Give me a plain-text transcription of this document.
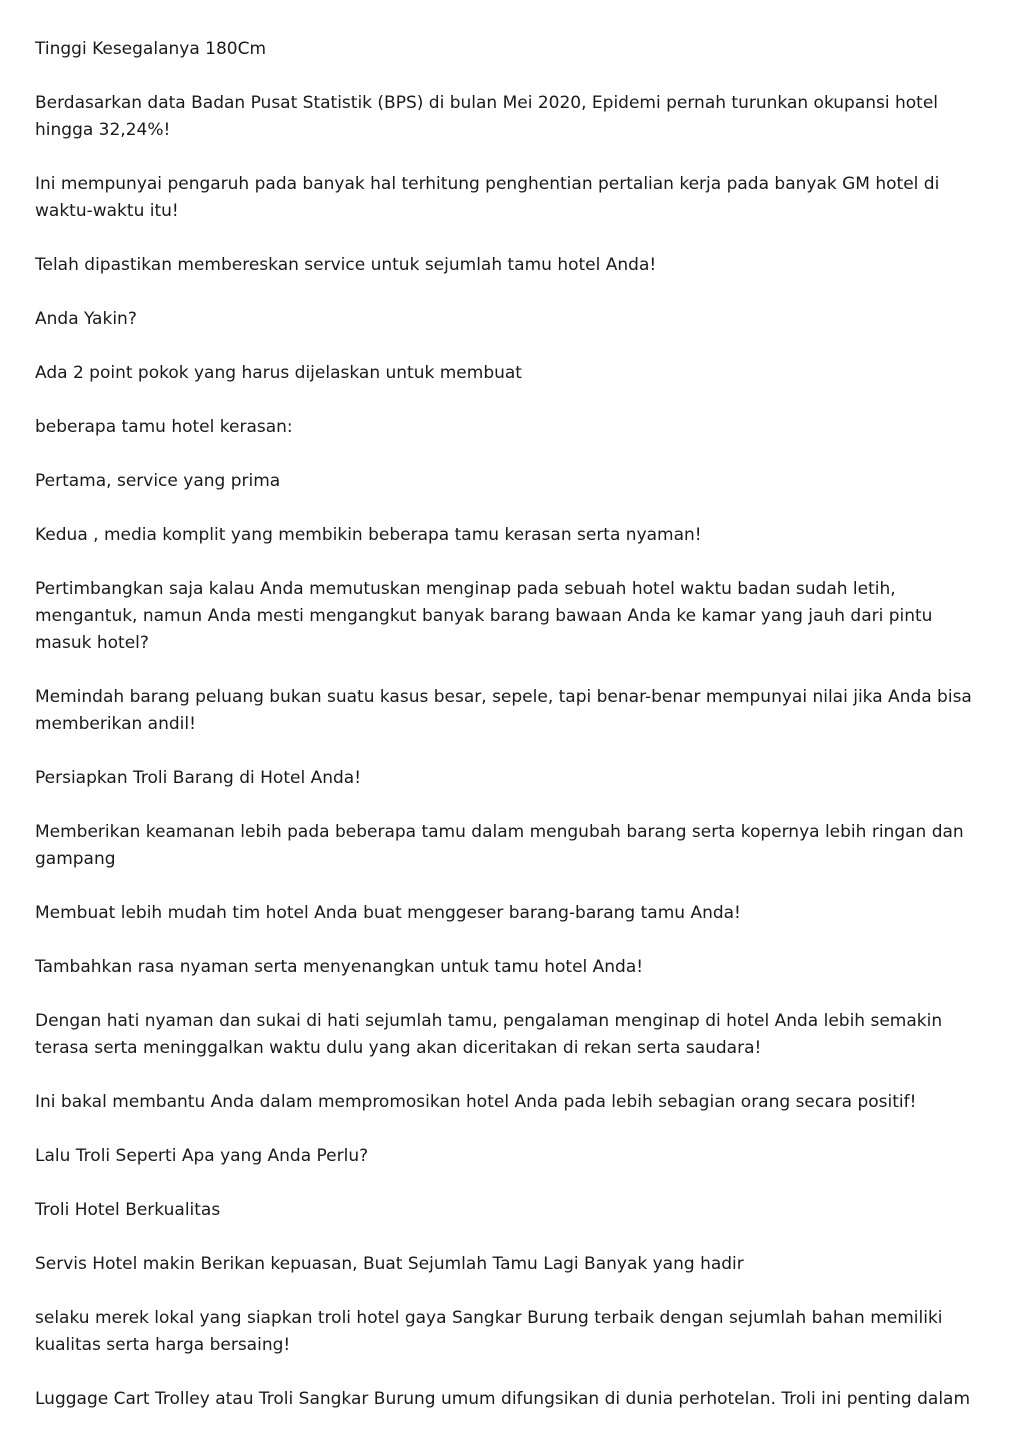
Tinggi Kesegalanya 180Cm

Berdasarkan data Badan Pusat Statistik (BPS) di bulan Mei 2020, Epidemi pernah turunkan okupansi hotel hingga 32,24%!

Ini mempunyai pengaruh pada banyak hal terhitung penghentian pertalian kerja pada banyak GM hotel di waktu-waktu itu!

Telah dipastikan membereskan service untuk sejumlah tamu hotel Anda!

Anda Yakin?

Ada 2 point pokok yang harus dijelaskan untuk membuat

beberapa tamu hotel kerasan:

Pertama, service yang prima

Kedua , media komplit yang membikin beberapa tamu kerasan serta nyaman!

Pertimbangkan saja kalau Anda memutuskan menginap pada sebuah hotel waktu badan sudah letih, mengantuk, namun Anda mesti mengangkut banyak barang bawaan Anda ke kamar yang jauh dari pintu masuk hotel?

Memindah barang peluang bukan suatu kasus besar, sepele, tapi benar-benar mempunyai nilai jika Anda bisa memberikan andil!

Persiapkan Troli Barang di Hotel Anda!

Memberikan keamanan lebih pada beberapa tamu dalam mengubah barang serta kopernya lebih ringan dan gampang

Membuat lebih mudah tim hotel Anda buat menggeser barang-barang tamu Anda!

Tambahkan rasa nyaman serta menyenangkan untuk tamu hotel Anda!

Dengan hati nyaman dan sukai di hati sejumlah tamu, pengalaman menginap di hotel Anda lebih semakin terasa serta meninggalkan waktu dulu yang akan diceritakan di rekan serta saudara!

Ini bakal membantu Anda dalam mempromosikan hotel Anda pada lebih sebagian orang secara positif!

Lalu Troli Seperti Apa yang Anda Perlu?

Troli Hotel Berkualitas

Servis Hotel makin Berikan kepuasan, Buat Sejumlah Tamu Lagi Banyak yang hadir

selaku merek lokal yang siapkan troli hotel gaya Sangkar Burung terbaik dengan sejumlah bahan memiliki kualitas serta harga bersaing!

Luggage Cart Trolley atau Troli Sangkar Burung umum difungsikan di dunia perhotelan. Troli ini penting dalam
